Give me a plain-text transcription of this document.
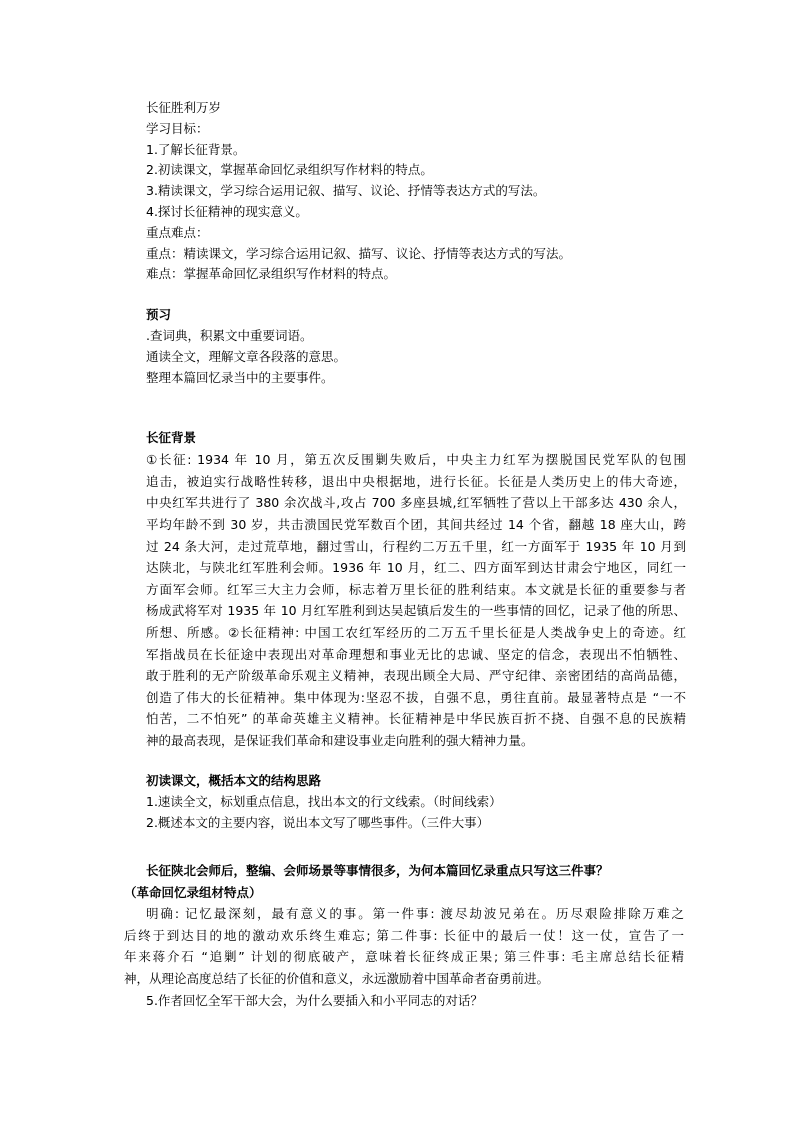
长征胜利万岁
学习目标：
1.了解长征背景。
2.初读课文，掌握革命回忆录组织写作材料的特点。
3.精读课文，学习综合运用记叙、描写、议论、抒情等表达方式的写法。
4.探讨长征精神的现实意义。
重点难点：
重点：精读课文，学习综合运用记叙、描写、议论、抒情等表达方式的写法。
难点：掌握革命回忆录组织写作材料的特点。
预习
.查词典，积累文中重要词语。
通读全文，理解文章各段落的意思。
整理本篇回忆录当中的主要事件。
长征背景
①长征: 1934 年 10 月，第五次反围剿失败后，中央主力红军为摆脱国民党军队的包围
追击，被迫实行战略性转移，退出中央根据地，进行长征。长征是人类历史上的伟大奇迹，
中央红军共进行了 380 余次战斗,攻占 700 多座县城,红军牺牲了营以上干部多达 430 余人，
平均年龄不到 30 岁，共击溃国民党军数百个团，其间共经过 14 个省，翻越 18 座大山，跨
过 24 条大河，走过荒草地，翻过雪山，行程约二万五千里，红一方面军于 1935 年 10 月到
达陕北，与陕北红军胜利会师。1936 年 10 月，红二、四方面军到达甘肃会宁地区，同红一
方面军会师。红军三大主力会师，标志着万里长征的胜利结束。本文就是长征的重要参与者
杨成武将军对 1935 年 10 月红军胜利到达吴起镇后发生的一些事情的回忆，记录了他的所思、
所想、所感。②长征精神: 中国工农红军经历的二万五千里长征是人类战争史上的奇迹。红
军指战员在长征途中表现出对革命理想和事业无比的忠诚、坚定的信念，表现出不怕牺牲、
敢于胜利的无产阶级革命乐观主义精神，表现出顾全大局、严守纪律、亲密团结的高尚品德，
创造了伟大的长征精神。集中体现为:坚忍不拔，自强不息，勇往直前。最显著特点是 “一不
怕苦，二不怕死” 的革命英雄主义精神。长征精神是中华民族百折不挠、自强不息的民族精
神的最高表现，是保证我们革命和建设事业走向胜利的强大精神力量。
初读课文，概括本文的结构思路
1.速读全文，标划重点信息，找出本文的行文线索。（时间线索）
2.概述本文的主要内容，说出本文写了哪些事件。（三件大事）
长征陕北会师后，整编、会师场景等事情很多，为何本篇回忆录重点只写这三件事？
（革命回忆录组材特点）
明确: 记忆最深刻，最有意义的事。第一件事: 渡尽劫波兄弟在。历尽艰险排除万难之
后终于到达目的地的激动欢乐终生难忘; 第二件事: 长征中的最后一仗！这一仗，宣告了一
年来蒋介石 “追剿” 计划的彻底破产，意味着长征终成正果; 第三件事: 毛主席总结长征精
神，从理论高度总结了长征的价值和意义，永远激励着中国革命者奋勇前进。
5.作者回忆全军干部大会，为什么要插入和小平同志的对话？
